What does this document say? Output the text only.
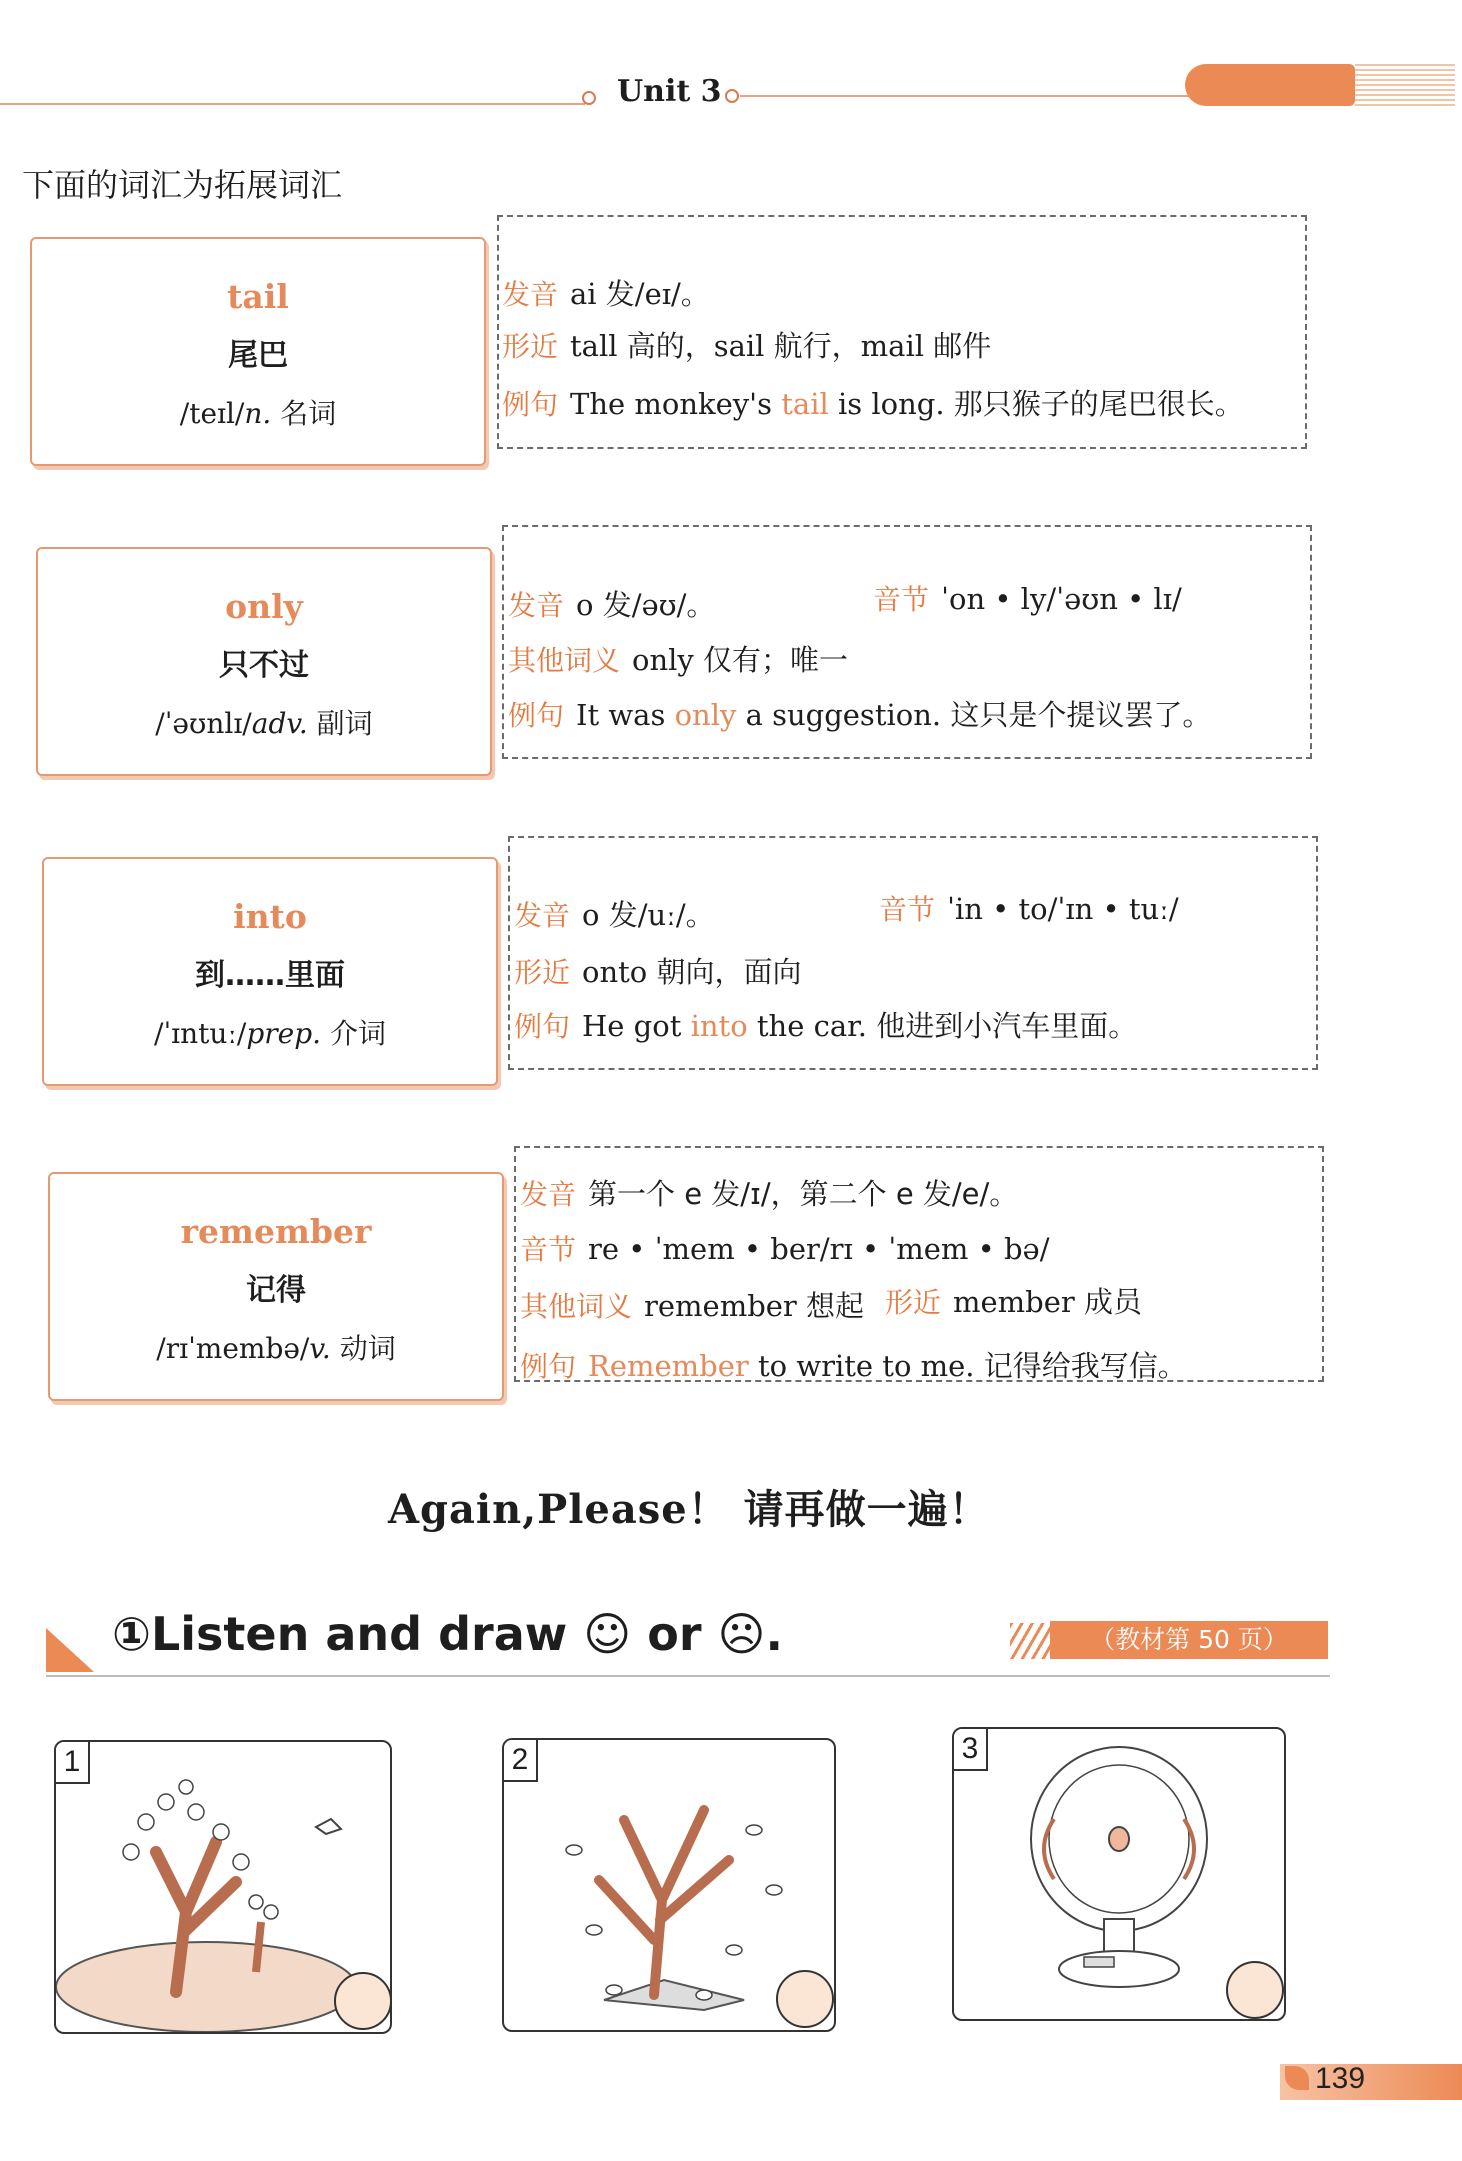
Unit 3
下面的词汇为拓展词汇
tail
尾巴
/teɪl/n. 名词
发音 ai 发/eɪ/。
形近 tall 高的，sail 航行，mail 邮件
例句 The monkey's tail is long. 那只猴子的尾巴很长。
only
只不过
/ˈəʊnlɪ/adv. 副词
发音 o 发/əʊ/。	音节 ˈon • ly/ˈəʊn • lɪ/
其他词义 only 仅有；唯一
例句 It was only a suggestion. 这只是个提议罢了。
into
到……里面
/ˈɪntuː/prep. 介词
发音 o 发/uː/。	音节 ˈin • to/ˈɪn • tuː/
形近 onto 朝向，面向
例句 He got into the car. 他进到小汽车里面。
remember
记得
/rɪˈmembə/v. 动词
发音 第一个 e 发/ɪ/，第二个 e 发/e/。
音节 re • ˈmem • ber/rɪ • ˈmem • bə/
其他词义 remember 想起 形近 member 成员
例句 Remember to write to me. 记得给我写信。
Again,Please！ 请再做一遍！
①Listen and draw ☺ or ☹.	（教材第 50 页）
1	2	3
139
